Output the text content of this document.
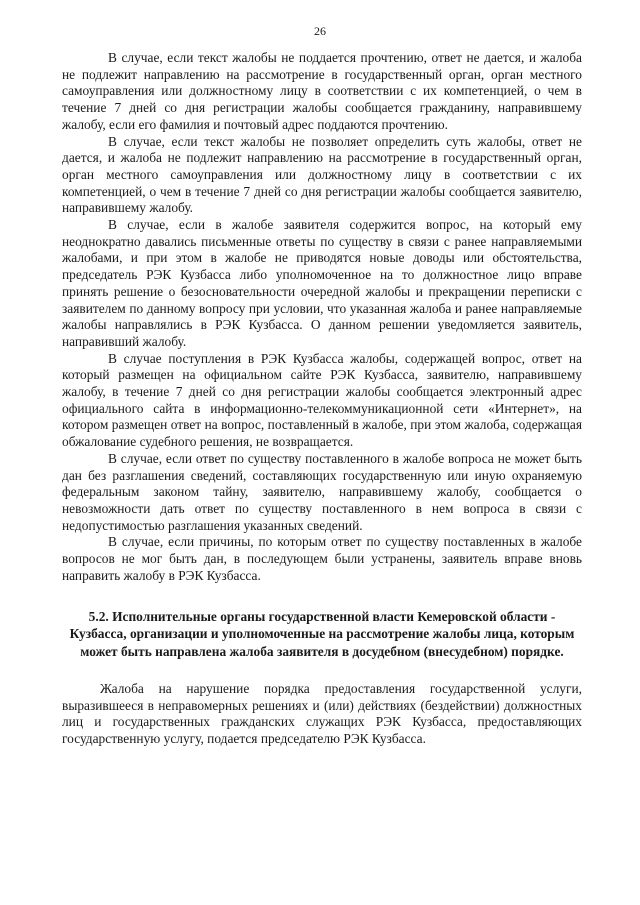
26

В случае, если текст жалобы не поддается прочтению, ответ не дается, и жалоба не подлежит направлению на рассмотрение в государственный орган, орган местного самоуправления или должностному лицу в соответствии с их компетенцией, о чем в течение 7 дней со дня регистрации жалобы сообщается гражданину, направившему жалобу, если его фамилия и почтовый адрес поддаются прочтению.

В случае, если текст жалобы не позволяет определить суть жалобы, ответ не дается, и жалоба не подлежит направлению на рассмотрение в государственный орган, орган местного самоуправления или должностному лицу в соответствии с их компетенцией, о чем в течение 7 дней со дня регистрации жалобы сообщается заявителю, направившему жалобу.

В случае, если в жалобе заявителя содержится вопрос, на который ему неоднократно давались письменные ответы по существу в связи с ранее направляемыми жалобами, и при этом в жалобе не приводятся новые доводы или обстоятельства, председатель РЭК Кузбасса либо уполномоченное на то должностное лицо вправе принять решение о безосновательности очередной жалобы и прекращении переписки с заявителем по данному вопросу при условии, что указанная жалоба и ранее направляемые жалобы направлялись в РЭК Кузбасса. О данном решении уведомляется заявитель, направивший жалобу.

В случае поступления в РЭК Кузбасса жалобы, содержащей вопрос, ответ на который размещен на официальном сайте РЭК Кузбасса, заявителю, направившему жалобу, в течение 7 дней со дня регистрации жалобы сообщается электронный адрес официального сайта в информационно-телекоммуникационной сети «Интернет», на котором размещен ответ на вопрос, поставленный в жалобе, при этом жалоба, содержащая обжалование судебного решения, не возвращается.

В случае, если ответ по существу поставленного в жалобе вопроса не может быть дан без разглашения сведений, составляющих государственную или иную охраняемую федеральным законом тайну, заявителю, направившему жалобу, сообщается о невозможности дать ответ по существу поставленного в нем вопроса в связи с недопустимостью разглашения указанных сведений.

В случае, если причины, по которым ответ по существу поставленных в жалобе вопросов не мог быть дан, в последующем были устранены, заявитель вправе вновь направить жалобу в РЭК Кузбасса.

5.2. Исполнительные органы государственной власти Кемеровской области - Кузбасса, организации и уполномоченные на рассмотрение жалобы лица, которым может быть направлена жалоба заявителя в досудебном (внесудебном) порядке.

Жалоба на нарушение порядка предоставления государственной услуги, выразившееся в неправомерных решениях и (или) действиях (бездействии) должностных лиц и государственных гражданских служащих РЭК Кузбасса, предоставляющих государственную услугу, подается председателю РЭК Кузбасса.
